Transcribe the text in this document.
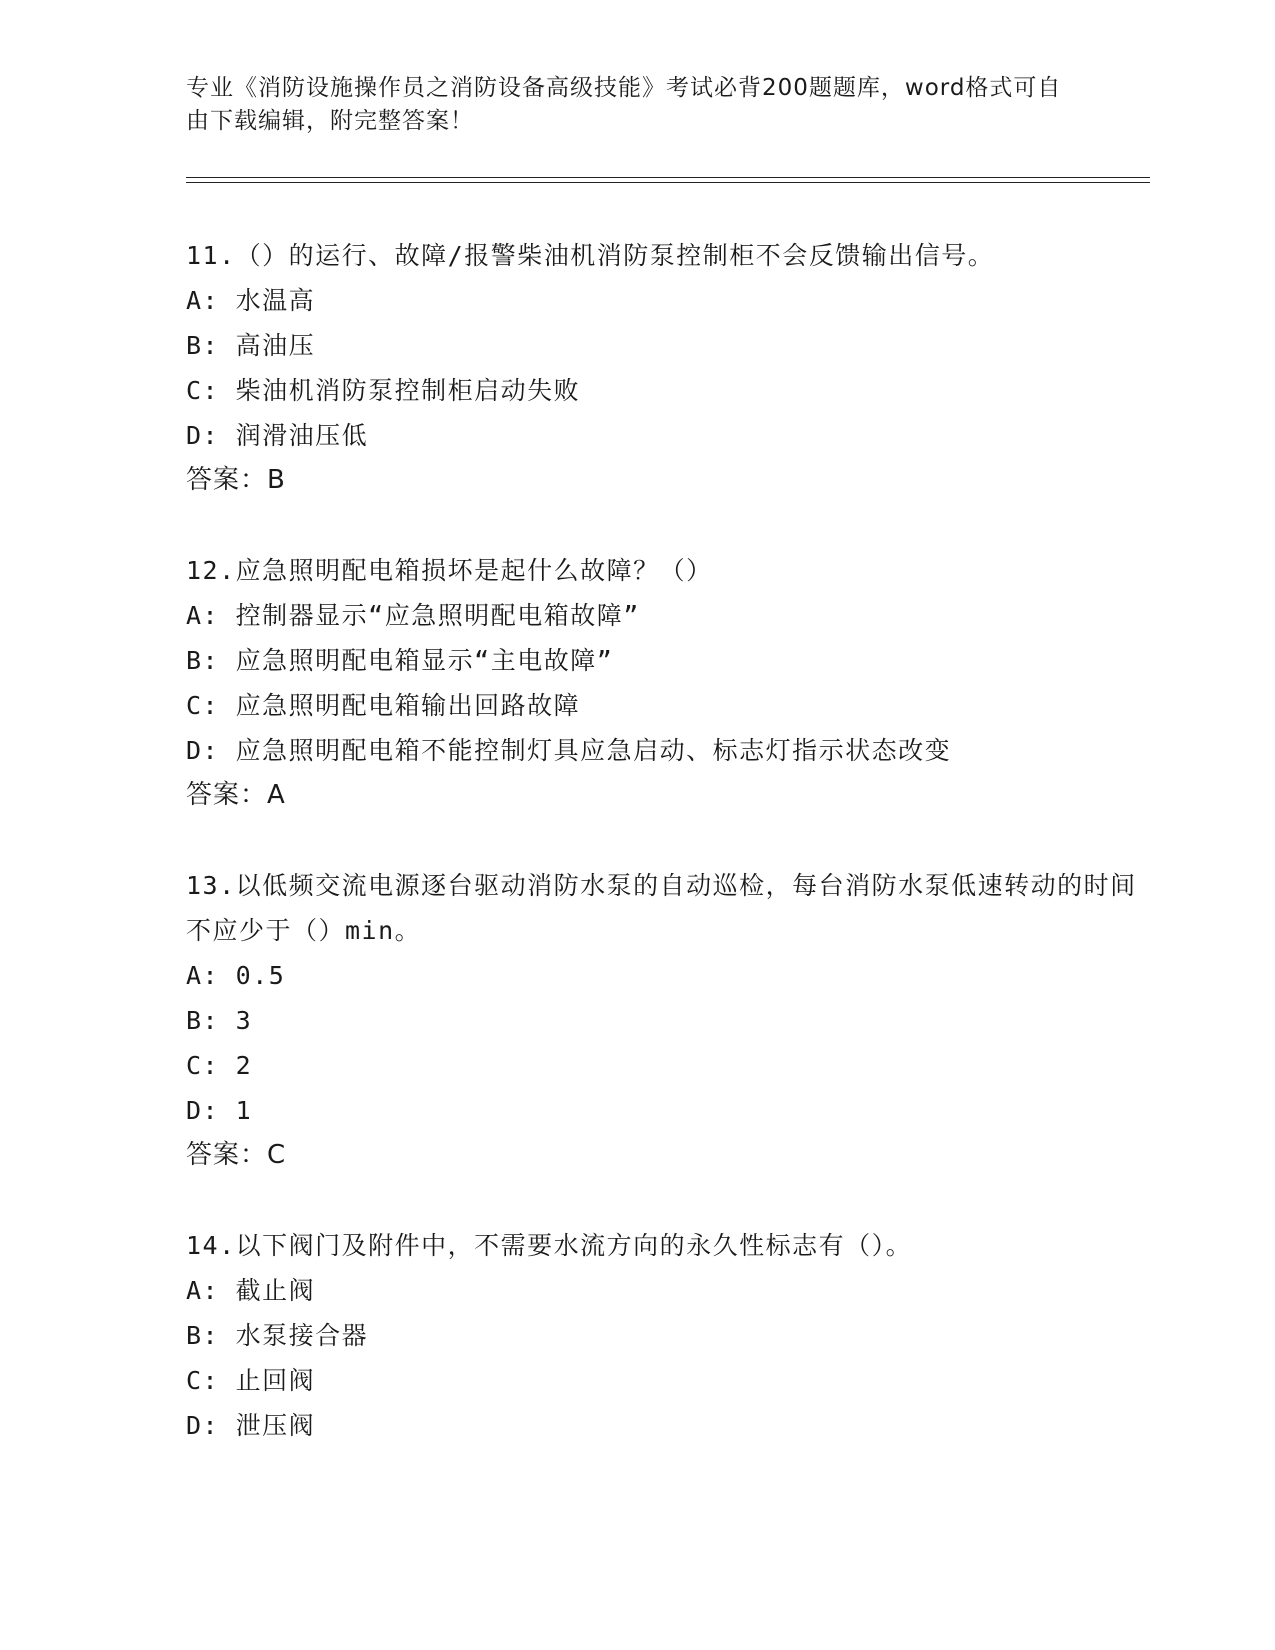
专业《消防设施操作员之消防设备高级技能》考试必背200题题库，word格式可自由下载编辑，附完整答案！
11.（）的运行、故障/报警柴油机消防泵控制柜不会反馈输出信号。
A: 水温高
B: 高油压
C: 柴油机消防泵控制柜启动失败
D: 润滑油压低
答案：B
12.应急照明配电箱损坏是起什么故障？（）
A: 控制器显示“应急照明配电箱故障”
B: 应急照明配电箱显示“主电故障”
C: 应急照明配电箱输出回路故障
D: 应急照明配电箱不能控制灯具应急启动、标志灯指示状态改变
答案：A
13.以低频交流电源逐台驱动消防水泵的自动巡检，每台消防水泵低速转动的时间不应少于（）min。
A: 0.5
B: 3
C: 2
D: 1
答案：C
14.以下阀门及附件中，不需要水流方向的永久性标志有（）。
A: 截止阀
B: 水泵接合器
C: 止回阀
D: 泄压阀
